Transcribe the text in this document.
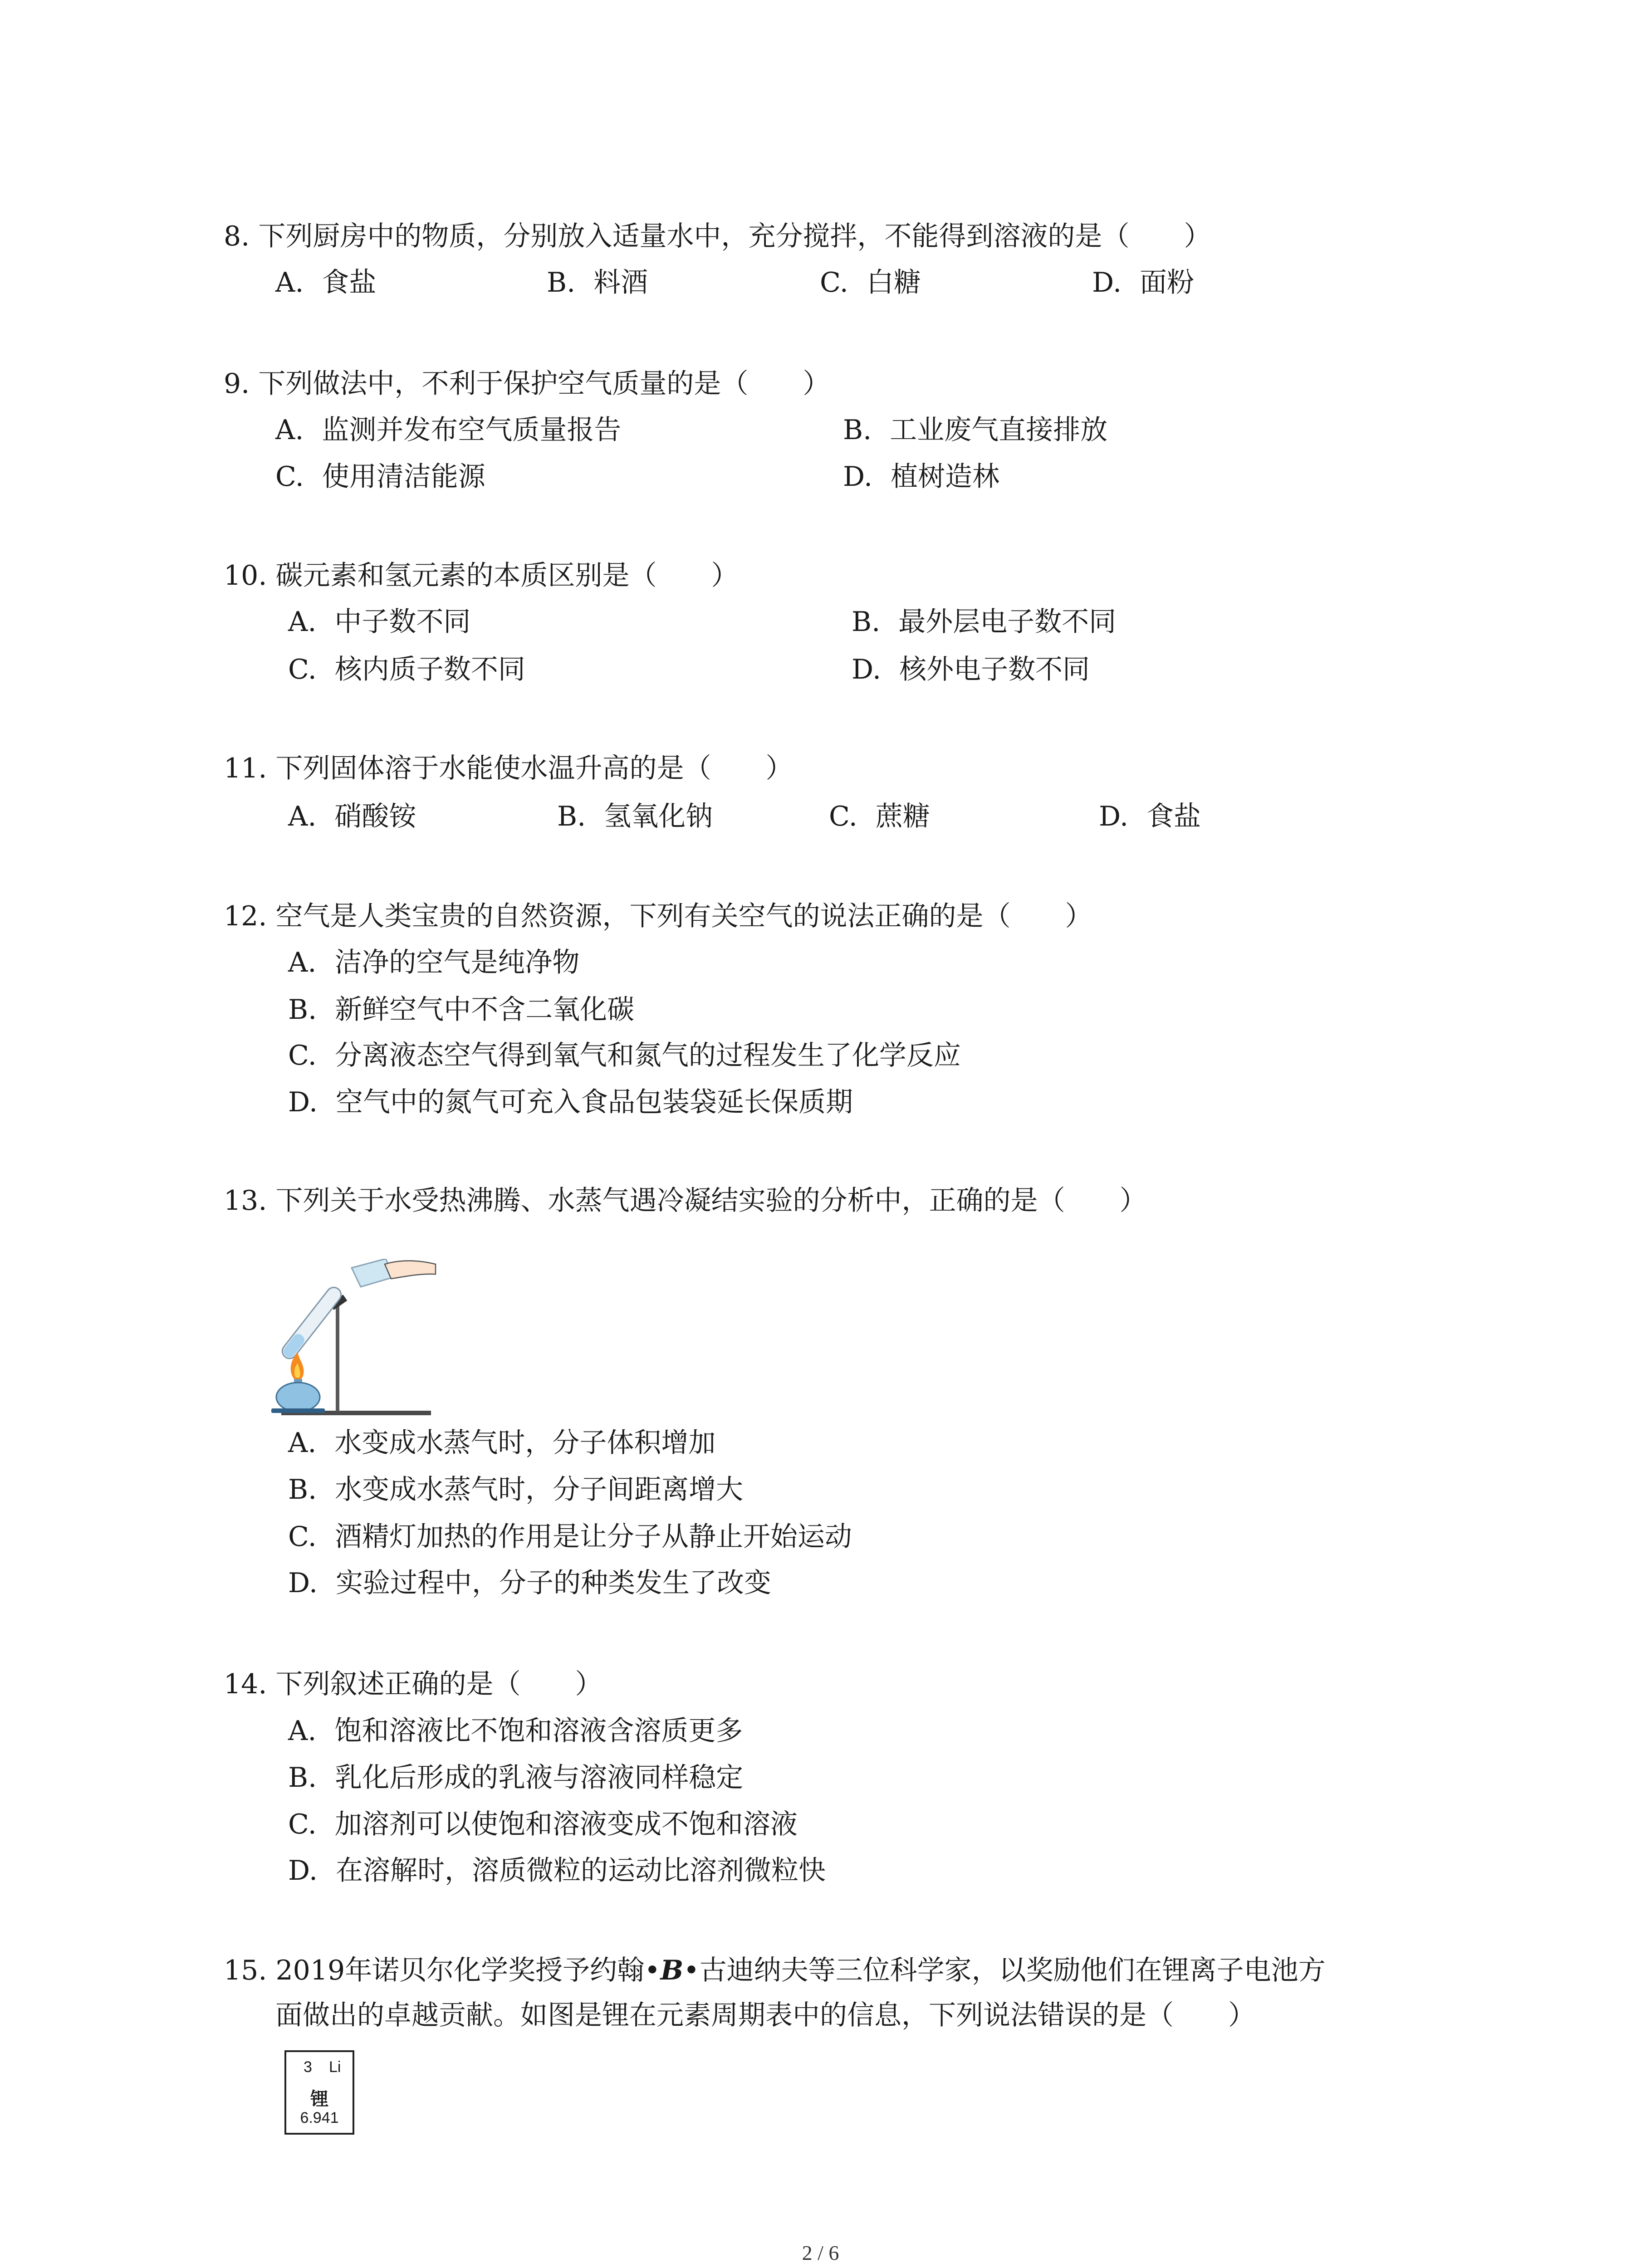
8. 下列厨房中的物质，分别放入适量水中，充分搅拌，不能得到溶液的是（　　）
A. 食盐	B. 料酒	C. 白糖	D. 面粉
9. 下列做法中，不利于保护空气质量的是（　　）
A. 监测并发布空气质量报告	B. 工业废气直接排放
C. 使用清洁能源	D. 植树造林
10. 碳元素和氢元素的本质区别是（　　）
A. 中子数不同	B. 最外层电子数不同
C. 核内质子数不同	D. 核外电子数不同
11. 下列固体溶于水能使水温升高的是（　　）
A. 硝酸铵	B. 氢氧化钠	C. 蔗糖	D. 食盐
12. 空气是人类宝贵的自然资源，下列有关空气的说法正确的是（　　）
A. 洁净的空气是纯净物
B. 新鲜空气中不含二氧化碳
C. 分离液态空气得到氧气和氮气的过程发生了化学反应
D. 空气中的氮气可充入食品包装袋延长保质期
13. 下列关于水受热沸腾、水蒸气遇冷凝结实验的分析中，正确的是（　　）
A. 水变成水蒸气时，分子体积增加
B. 水变成水蒸气时，分子间距离增大
C. 酒精灯加热的作用是让分子从静止开始运动
D. 实验过程中，分子的种类发生了改变
14. 下列叙述正确的是（　　）
A. 饱和溶液比不饱和溶液含溶质更多
B. 乳化后形成的乳液与溶液同样稳定
C. 加溶剂可以使饱和溶液变成不饱和溶液
D. 在溶解时，溶质微粒的运动比溶剂微粒快
15. 2019年诺贝尔化学奖授予约翰•B•古迪纳夫等三位科学家，以奖励他们在锂离子电池方
面做出的卓越贡献。如图是锂在元素周期表中的信息，下列说法错误的是（　　）
3 Li
锂
6.941
2 / 6
